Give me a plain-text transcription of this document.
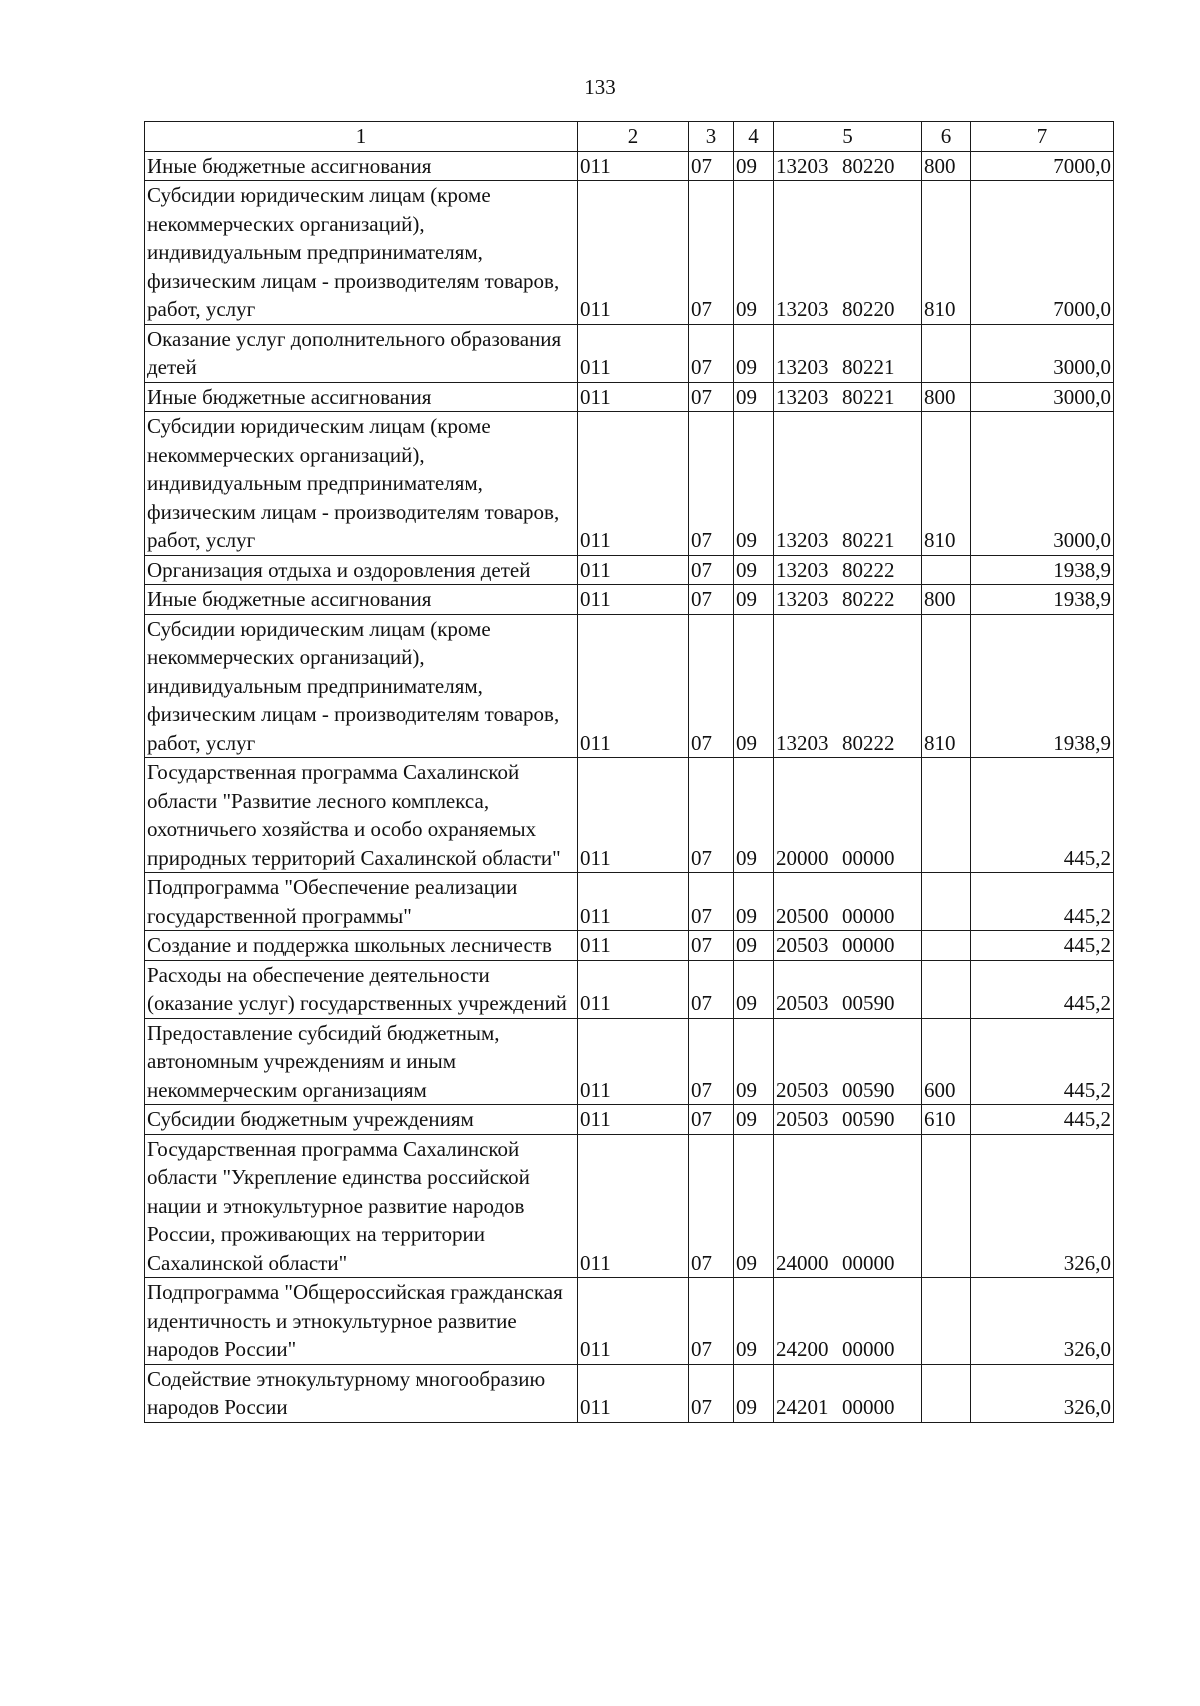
133
1	2	3	4	5	6	7
Иные бюджетные ассигнования	011	07	09	13203 80220	800	7000,0
Субсидии юридическим лицам (кроме некоммерческих организаций), индивидуальным предпринимателям, физическим лицам - производителям товаров, работ, услуг	011	07	09	13203 80220	810	7000,0
Оказание услуг дополнительного образования детей	011	07	09	13203 80221		3000,0
Иные бюджетные ассигнования	011	07	09	13203 80221	800	3000,0
Субсидии юридическим лицам (кроме некоммерческих организаций), индивидуальным предпринимателям, физическим лицам - производителям товаров, работ, услуг	011	07	09	13203 80221	810	3000,0
Организация отдыха и оздоровления детей	011	07	09	13203 80222		1938,9
Иные бюджетные ассигнования	011	07	09	13203 80222	800	1938,9
Субсидии юридическим лицам (кроме некоммерческих организаций), индивидуальным предпринимателям, физическим лицам - производителям товаров, работ, услуг	011	07	09	13203 80222	810	1938,9
Государственная программа Сахалинской области "Развитие лесного комплекса, охотничьего хозяйства и особо охраняемых природных территорий Сахалинской области"	011	07	09	20000 00000		445,2
Подпрограмма "Обеспечение реализации государственной программы"	011	07	09	20500 00000		445,2
Создание и поддержка школьных лесничеств	011	07	09	20503 00000		445,2
Расходы на обеспечение деятельности (оказание услуг) государственных учреждений	011	07	09	20503 00590		445,2
Предоставление субсидий бюджетным, автономным учреждениям и иным некоммерческим организациям	011	07	09	20503 00590	600	445,2
Субсидии бюджетным учреждениям	011	07	09	20503 00590	610	445,2
Государственная программа Сахалинской области "Укрепление единства российской нации и этнокультурное развитие народов России, проживающих на территории Сахалинской области"	011	07	09	24000 00000		326,0
Подпрограмма "Общероссийская гражданская идентичность и этнокультурное развитие народов России"	011	07	09	24200 00000		326,0
Содействие этнокультурному многообразию народов России	011	07	09	24201 00000		326,0
